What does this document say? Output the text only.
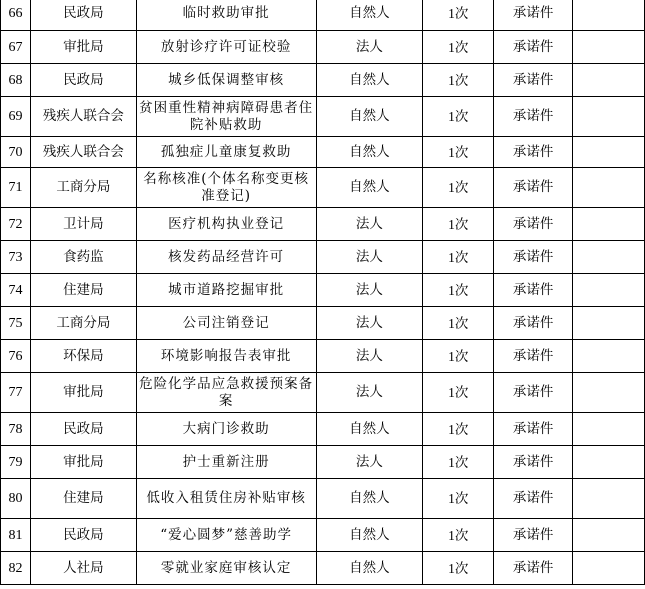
66	民政局	临时救助审批	自然人	1次	承诺件	
67	审批局	放射诊疗许可证校验	法人	1次	承诺件	
68	民政局	城乡低保调整审核	自然人	1次	承诺件	
69	残疾人联合会	贫困重性精神病障碍患者住院补贴救助	自然人	1次	承诺件	
70	残疾人联合会	孤独症儿童康复救助	自然人	1次	承诺件	
71	工商分局	名称核准(个体名称变更核准登记)	自然人	1次	承诺件	
72	卫计局	医疗机构执业登记	法人	1次	承诺件	
73	食药监	核发药品经营许可	法人	1次	承诺件	
74	住建局	城市道路挖掘审批	法人	1次	承诺件	
75	工商分局	公司注销登记	法人	1次	承诺件	
76	环保局	环境影响报告表审批	法人	1次	承诺件	
77	审批局	危险化学品应急救援预案备案	法人	1次	承诺件	
78	民政局	大病门诊救助	自然人	1次	承诺件	
79	审批局	护士重新注册	法人	1次	承诺件	
80	住建局	低收入租赁住房补贴审核	自然人	1次	承诺件	
81	民政局	“爱心圆梦”慈善助学	自然人	1次	承诺件	
82	人社局	零就业家庭审核认定	自然人	1次	承诺件	
